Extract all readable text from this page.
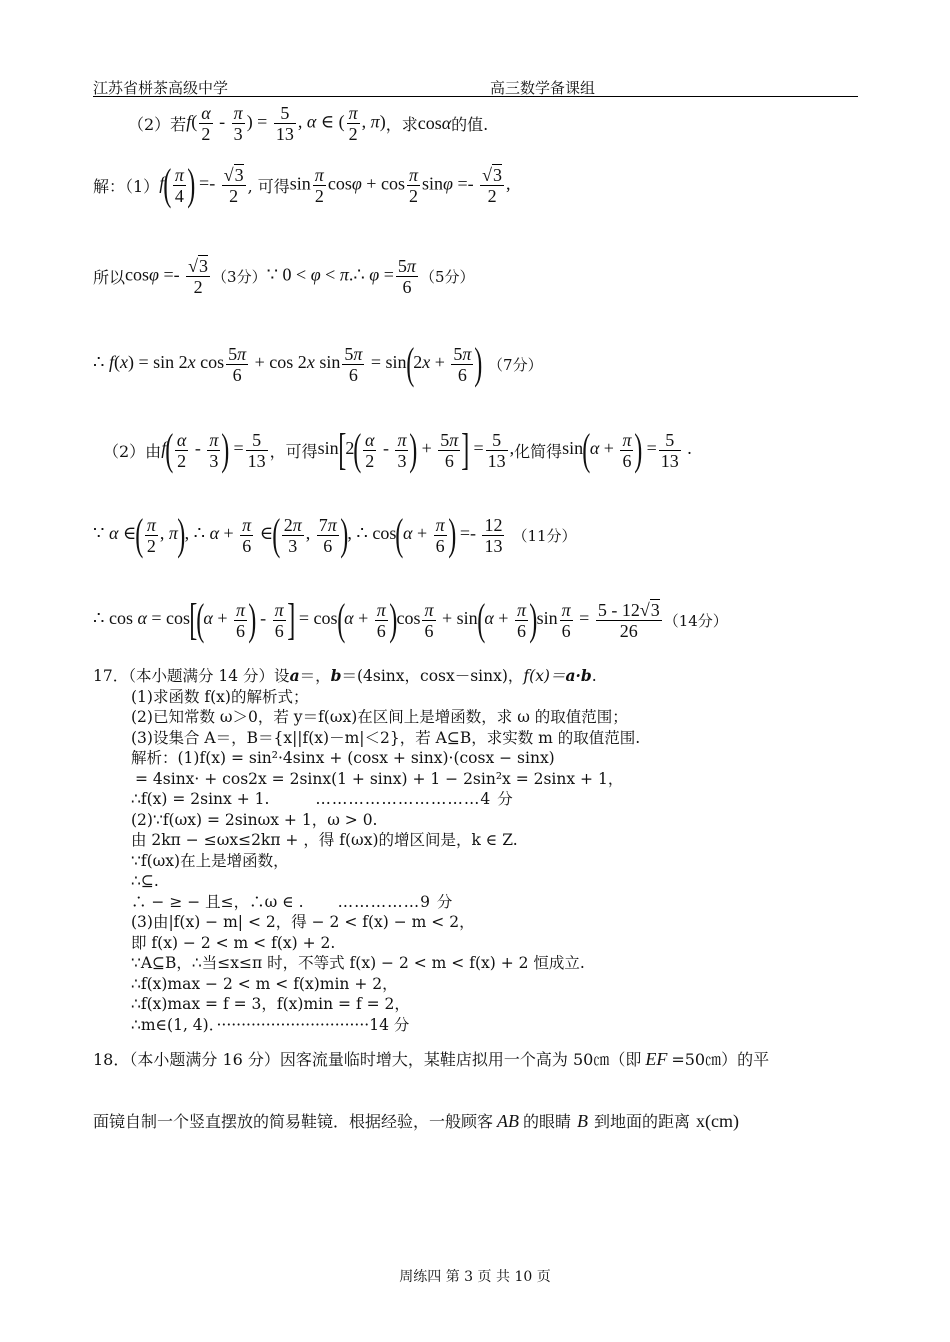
江苏省栟茶高级中学	高三数学备课组
（2）若 $f( \frac{\alpha}{2} - \frac{\pi}{3}$ ) = $\frac{5}{13}$ , α ∈ ( $\frac{\pi}{2}$ , π) ，求 cosα 的值.
解：（1） $f( \frac{\pi}{4}$ ) =- $\frac{√3}{2}$ , 可得 $\sin \frac{\pi}{2}$ $\cos\varphi + \cos \frac{\pi}{2}$ $\sin\varphi =- \frac{√3}{2}$ ,
所以 $\cos\varphi =- \frac{√3}{2} (3$分） ∵ 0 < φ < π.∴ $\varphi = \frac{5\pi}{6} (5$分）
∴ f(x) = sin 2x $\cos \frac{5\pi}{6} + \cos 2x$ $\sin \frac{5\pi}{6} = \sin(2x + \frac{5\pi}{6}$ ) （7分）
（2）由 $f( \frac{\alpha}{2} - \frac{\pi}{3}$ ) = $\frac{5}{13}$ ，可得 $\sin[2( \frac{\alpha}{2} - \frac{\pi}{3}$ ) + $\frac{5\pi}{6}$ ] = $\frac{5}{13}$ , 化简得 $\sin(\alpha + \frac{\pi}{6}$ ) = $\frac{5}{13}$ .
∵ α ∈( $\frac{\pi}{2}$ , π), ∴ $\alpha + \frac{\pi}{6}$ ∈( $\frac{2\pi}{3}$ , $\frac{7\pi}{6}$ ), ∴ $\cos(\alpha + \frac{\pi}{6}$ ) =- $\frac{12}{13} (11$分）
∴ $\cos \alpha = \cos[(\alpha + \frac{\pi}{6}$ ) - $\frac{\pi}{6}$ ] = $\cos(\alpha + \frac{\pi}{6} )\cos \frac{\pi}{6} + \sin(\alpha + \frac{\pi}{6} )\sin \frac{\pi}{6} = \frac{5 - 12√3}{26} (14$分）
17．（本小题满分 14 分）设a＝，b＝(4sinx，cosx－sinx)，f(x)＝a·b.
(1)求函数 f(x)的解析式；
(2)已知常数 ω＞0，若 y＝f(ωx)在区间上是增函数，求 ω 的取值范围；
(3)设集合 A＝，B＝{x||f(x)－m|＜2}，若 A⊆B，求实数 m 的取值范围.
解析：(1)f(x) = sin²·4sinx + (cosx + sinx)·(cosx − sinx)
= 4sinx· + cos2x = 2sinx(1 + sinx) + 1 − 2sin²x = 2sinx + 1，
∴f(x) = 2sinx + 1.	…………………………4 分
(2)∵f(ωx) = 2sinωx + 1，ω > 0.
由 2kπ − ≤ωx≤2kπ + ，得 f(ωx)的增区间是，k ∈ Z.
∵f(ωx)在上是增函数，
∴⊆.
∴ − ≥ − 且≤，∴ω ∈ . ……………9 分
(3)由|f(x) − m| < 2，得 − 2 < f(x) − m < 2，
即 f(x) − 2 < m < f(x) + 2.
∵A⊆B，∴当≤x≤π 时，不等式 f(x) − 2 < m < f(x) + 2 恒成立.
∴f(x)max − 2 < m < f(x)min + 2，
∴f(x)max = f = 3，f(x)min = f = 2，
∴m∈(1, 4)．·······························14 分
18．（本小题满分 16 分）因客流量临时增大，某鞋店拟用一个高为 50㎝（即 EF =50㎝）的平
面镜自制一个竖直摆放的简易鞋镜．根据经验，一般顾客 AB 的眼睛 B 到地面的距离 x(cm)
周练四 第 3 页 共 10 页
